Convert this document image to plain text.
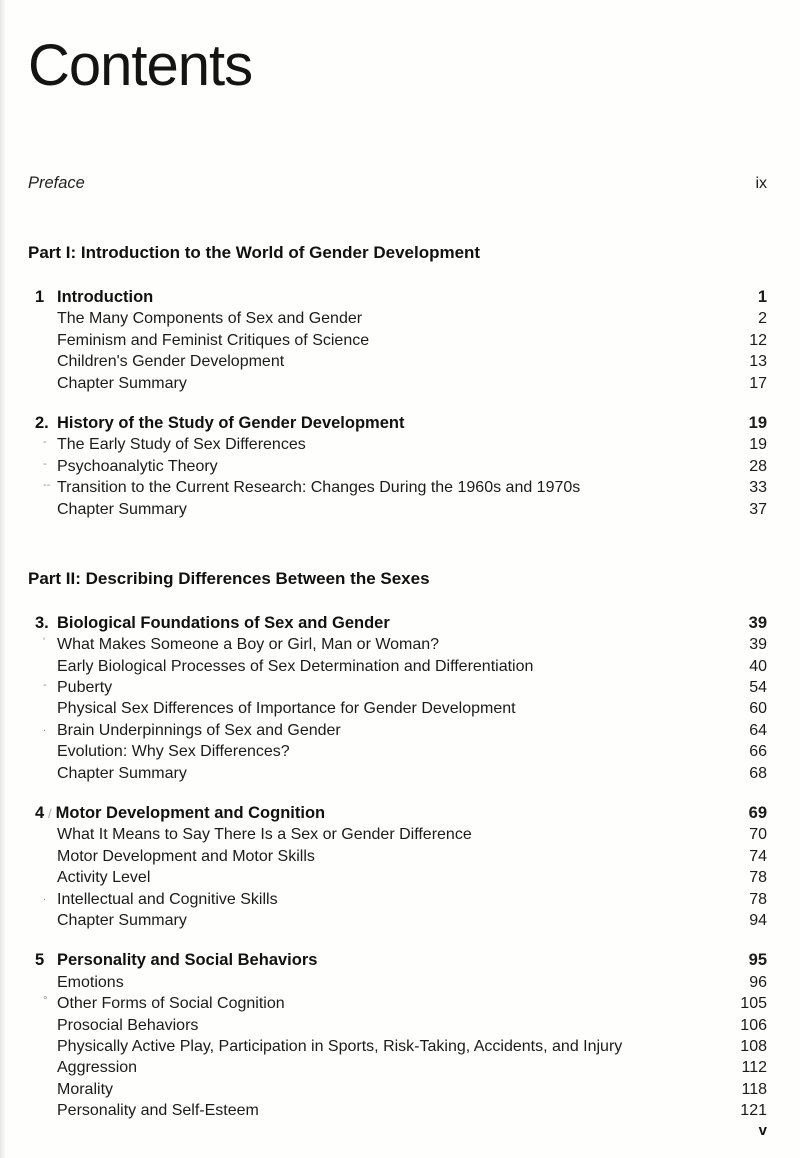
Contents
Preface	ix
Part I: Introduction to the World of Gender Development
1 Introduction	1
The Many Components of Sex and Gender	2
Feminism and Feminist Critiques of Science	12
Children's Gender Development	13
Chapter Summary	17
2. History of the Study of Gender Development	19
- The Early Study of Sex Differences	19
- Psychoanalytic Theory	28
-- Transition to the Current Research: Changes During the 1960s and 1970s	33
Chapter Summary	37
Part II: Describing Differences Between the Sexes
3. Biological Foundations of Sex and Gender	39
' What Makes Someone a Boy or Girl, Man or Woman?	39
Early Biological Processes of Sex Determination and Differentiation	40
- Puberty	54
Physical Sex Differences of Importance for Gender Development	60
. Brain Underpinnings of Sex and Gender	64
Evolution: Why Sex Differences?	66
Chapter Summary	68
4 / Motor Development and Cognition	69
What It Means to Say There Is a Sex or Gender Difference	70
Motor Development and Motor Skills	74
Activity Level	78
. Intellectual and Cognitive Skills	78
Chapter Summary	94
5 Personality and Social Behaviors	95
Emotions	96
° Other Forms of Social Cognition	105
Prosocial Behaviors	106
Physically Active Play, Participation in Sports, Risk-Taking, Accidents, and Injury	108
Aggression	112
Morality	118
Personality and Self-Esteem	121
v
